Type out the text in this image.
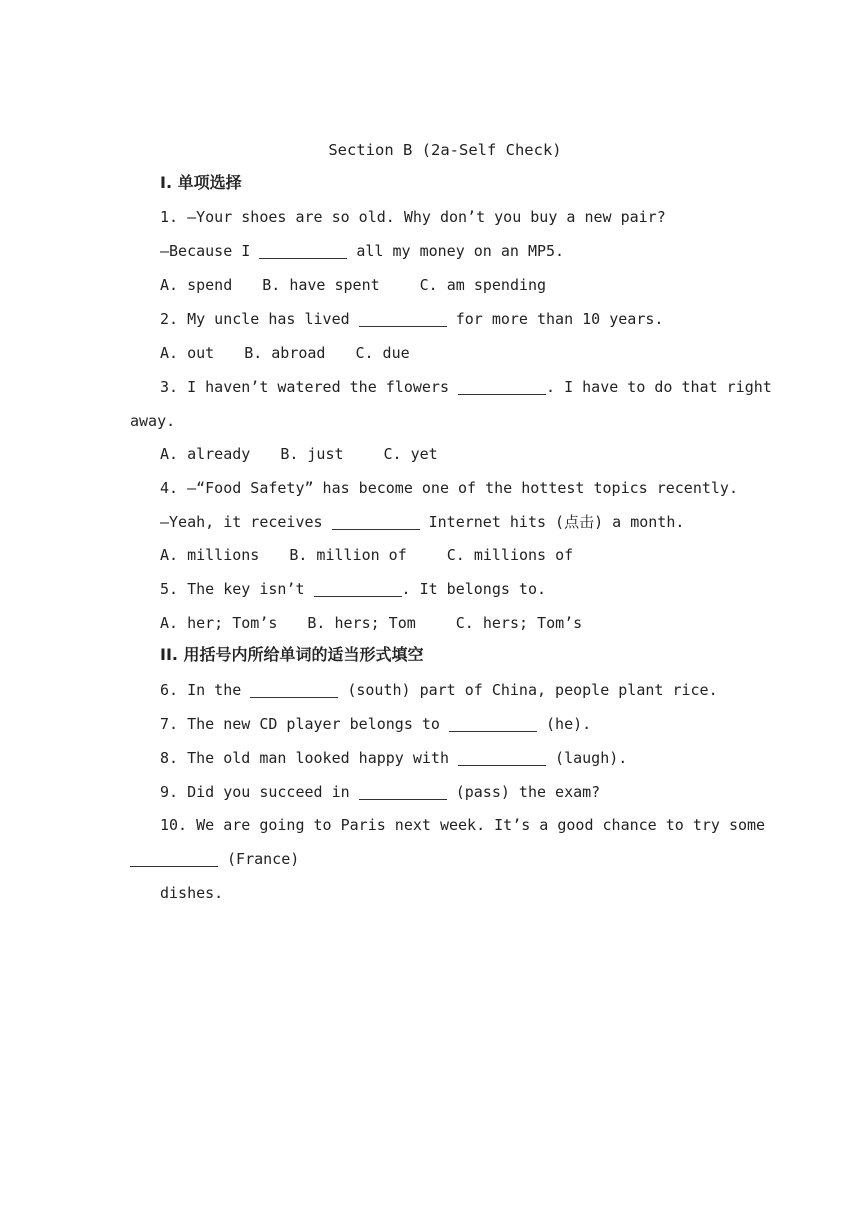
Section B (2a-Self Check)
I. 单项选择
1. —Your shoes are so old. Why don’t you buy a new pair?
—Because I	all my money on an MP5.
A. spend B. have spent	C. am spending
2. My uncle has lived	for more than 10 years.
A. out B. abroad C. due
3. I haven’t watered the flowers	. I have to do that right
away.
A. already B. just	C. yet
4. —“Food Safety” has become one of the hottest topics recently.
—Yeah, it receives	Internet hits (点击) a month.
A. millions B. million of	C. millions of
5. The key isn’t	. It belongs to.
A. her; Tom’s B. hers; Tom	C. hers; Tom’s
II. 用括号内所给单词的适当形式填空
6. In the	(south) part of China, people plant rice.
7. The new CD player belongs to	(he).
8. The old man looked happy with	(laugh).
9. Did you succeed in	(pass) the exam?
10. We are going to Paris next week. It’s a good chance to try some
(France)
dishes.
